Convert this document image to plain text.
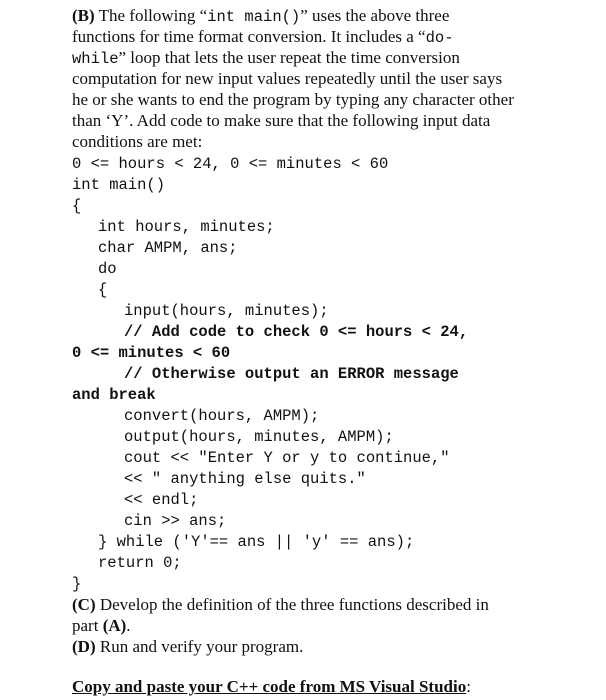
(B) The following “int main()” uses the above three
functions for time format conversion. It includes a “do-
while” loop that lets the user repeat the time conversion
computation for new input values repeatedly until the user says
he or she wants to end the program by typing any character other
than ‘Y’. Add code to make sure that the following input data
conditions are met:
0 <= hours < 24, 0 <= minutes < 60
int main()
{
int hours, minutes;
char AMPM, ans;
do
{
input(hours, minutes);
// Add code to check 0 <= hours < 24,
0 <= minutes < 60
// Otherwise output an ERROR message
and break
convert(hours, AMPM);
output(hours, minutes, AMPM);
cout << "Enter Y or y to continue,"
<< " anything else quits."
<< endl;
cin >> ans;
} while ('Y'== ans || 'y' == ans);
return 0;
}
(C) Develop the definition of the three functions described in
part (A).
(D) Run and verify your program.
Copy and paste your C++ code from MS Visual Studio:
